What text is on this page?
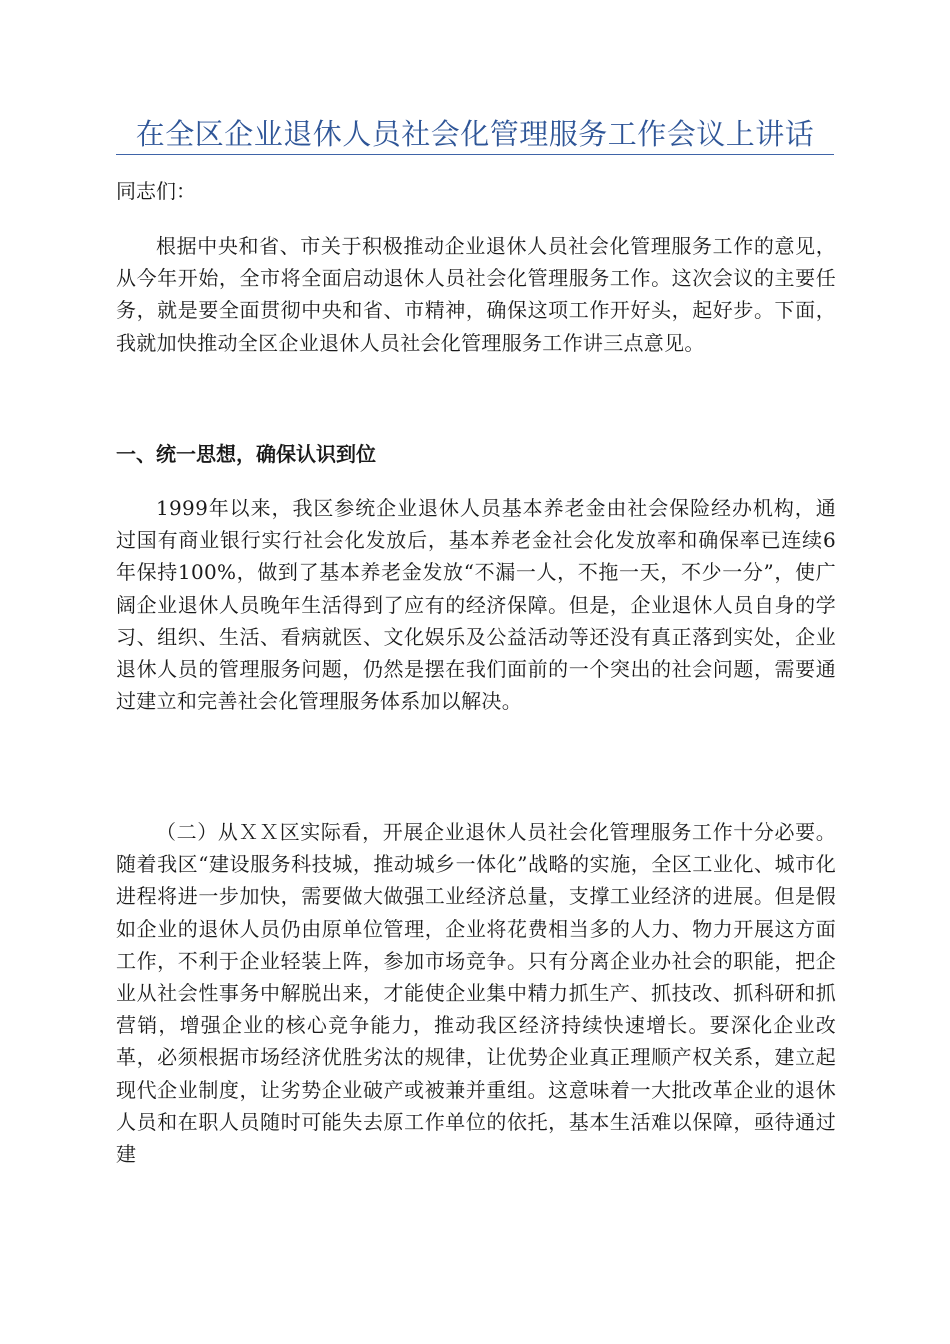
在全区企业退休人员社会化管理服务工作会议上讲话
同志们：
根据中央和省、市关于积极推动企业退休人员社会化管理服务工作的意见，从今年开始，全市将全面启动退休人员社会化管理服务工作。这次会议的主要任务，就是要全面贯彻中央和省、市精神，确保这项工作开好头，起好步。下面，我就加快推动全区企业退休人员社会化管理服务工作讲三点意见。
一、统一思想，确保认识到位
1999年以来，我区参统企业退休人员基本养老金由社会保险经办机构，通过国有商业银行实行社会化发放后，基本养老金社会化发放率和确保率已连续6年保持100%，做到了基本养老金发放“不漏一人，不拖一天，不少一分”，使广阔企业退休人员晚年生活得到了应有的经济保障。但是，企业退休人员自身的学习、组织、生活、看病就医、文化娱乐及公益活动等还没有真正落到实处，企业退休人员的管理服务问题，仍然是摆在我们面前的一个突出的社会问题，需要通过建立和完善社会化管理服务体系加以解决。
（二）从ＸＸ区实际看，开展企业退休人员社会化管理服务工作十分必要。随着我区“建设服务科技城，推动城乡一体化”战略的实施，全区工业化、城市化进程将进一步加快，需要做大做强工业经济总量，支撑工业经济的进展。但是假如企业的退休人员仍由原单位管理，企业将花费相当多的人力、物力开展这方面工作，不利于企业轻装上阵，参加市场竞争。只有分离企业办社会的职能，把企业从社会性事务中解脱出来，才能使企业集中精力抓生产、抓技改、抓科研和抓营销，增强企业的核心竞争能力，推动我区经济持续快速增长。要深化企业改革，必须根据市场经济优胜劣汰的规律，让优势企业真正理顺产权关系，建立起现代企业制度，让劣势企业破产或被兼并重组。这意味着一大批改革企业的退休人员和在职人员随时可能失去原工作单位的依托，基本生活难以保障，亟待通过建
